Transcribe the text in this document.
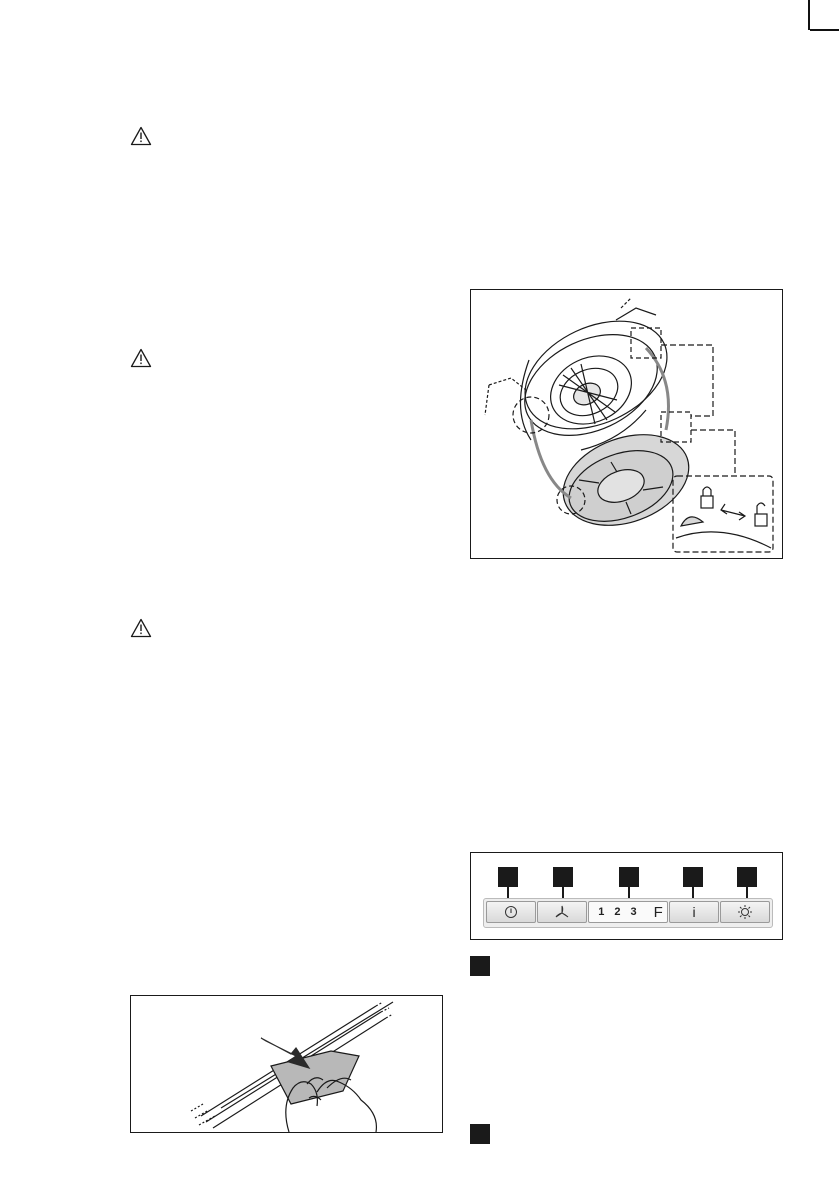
1 2 3 F i
